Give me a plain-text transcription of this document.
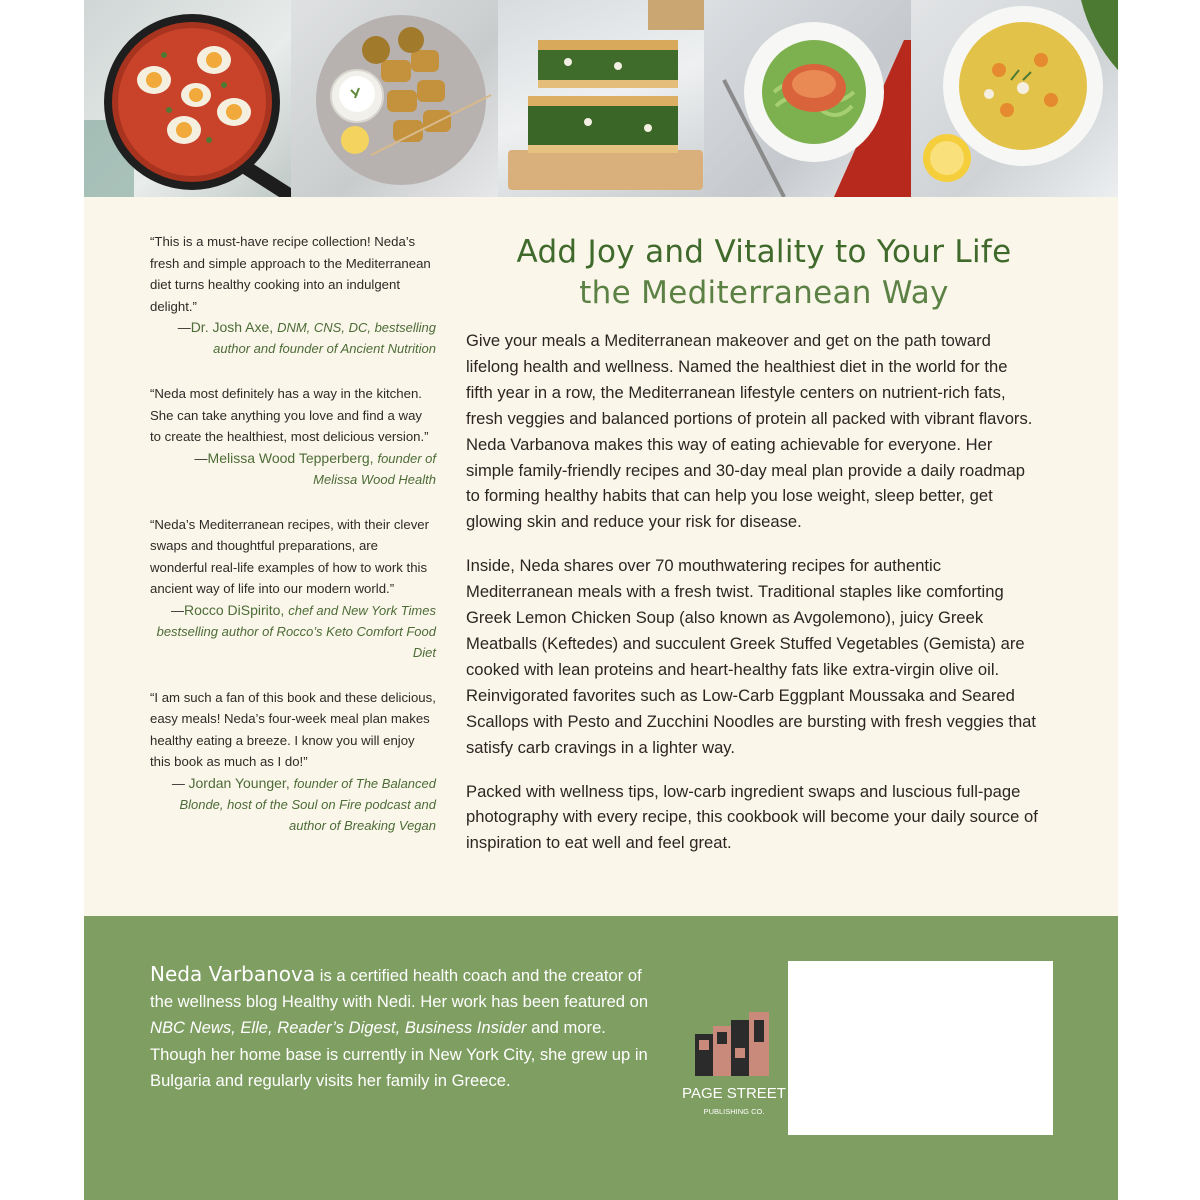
“This is a must-have recipe collection! Neda’s fresh and simple approach to the Mediterranean diet turns healthy cooking into an indulgent delight.”
—Dr. Josh Axe, DNM, CNS, DC, bestselling author and founder of Ancient Nutrition
“Neda most definitely has a way in the kitchen. She can take anything you love and find a way to create the healthiest, most delicious version.”
—Melissa Wood Tepperberg, founder of Melissa Wood Health
“Neda’s Mediterranean recipes, with their clever swaps and thoughtful preparations, are wonderful real-life examples of how to work this ancient way of life into our modern world.”
—Rocco DiSpirito, chef and New York Times bestselling author of Rocco’s Keto Comfort Food Diet
“I am such a fan of this book and these delicious, easy meals! Neda’s four-week meal plan makes healthy eating a breeze. I know you will enjoy this book as much as I do!”
— Jordan Younger, founder of The Balanced Blonde, host of the Soul on Fire podcast and author of Breaking Vegan
Add Joy and Vitality to Your Life
the Mediterranean Way

Give your meals a Mediterranean makeover and get on the path toward lifelong health and wellness. Named the healthiest diet in the world for the fifth year in a row, the Mediterranean lifestyle centers on nutrient-rich fats, fresh veggies and balanced portions of protein all packed with vibrant flavors. Neda Varbanova makes this way of eating achievable for everyone. Her simple family-friendly recipes and 30-day meal plan provide a daily roadmap to forming healthy habits that can help you lose weight, sleep better, get glowing skin and reduce your risk for disease.

Inside, Neda shares over 70 mouthwatering recipes for authentic Mediterranean meals with a fresh twist. Traditional staples like comforting Greek Lemon Chicken Soup (also known as Avgolemono), juicy Greek Meatballs (Keftedes) and succulent Greek Stuffed Vegetables (Gemista) are cooked with lean proteins and heart-healthy fats like extra-virgin olive oil. Reinvigorated favorites such as Low-Carb Eggplant Moussaka and Seared Scallops with Pesto and Zucchini Noodles are bursting with fresh veggies that satisfy carb cravings in a lighter way.

Packed with wellness tips, low-carb ingredient swaps and luscious full-page photography with every recipe, this cookbook will become your daily source of inspiration to eat well and feel great.

Neda Varbanova is a certified health coach and the creator of the wellness blog Healthy with Nedi. Her work has been featured on NBC News, Elle, Reader’s Digest, Business Insider and more. Though her home base is currently in New York City, she grew up in Bulgaria and regularly visits her family in Greece.
PAGE STREET
PUBLISHING CO.
